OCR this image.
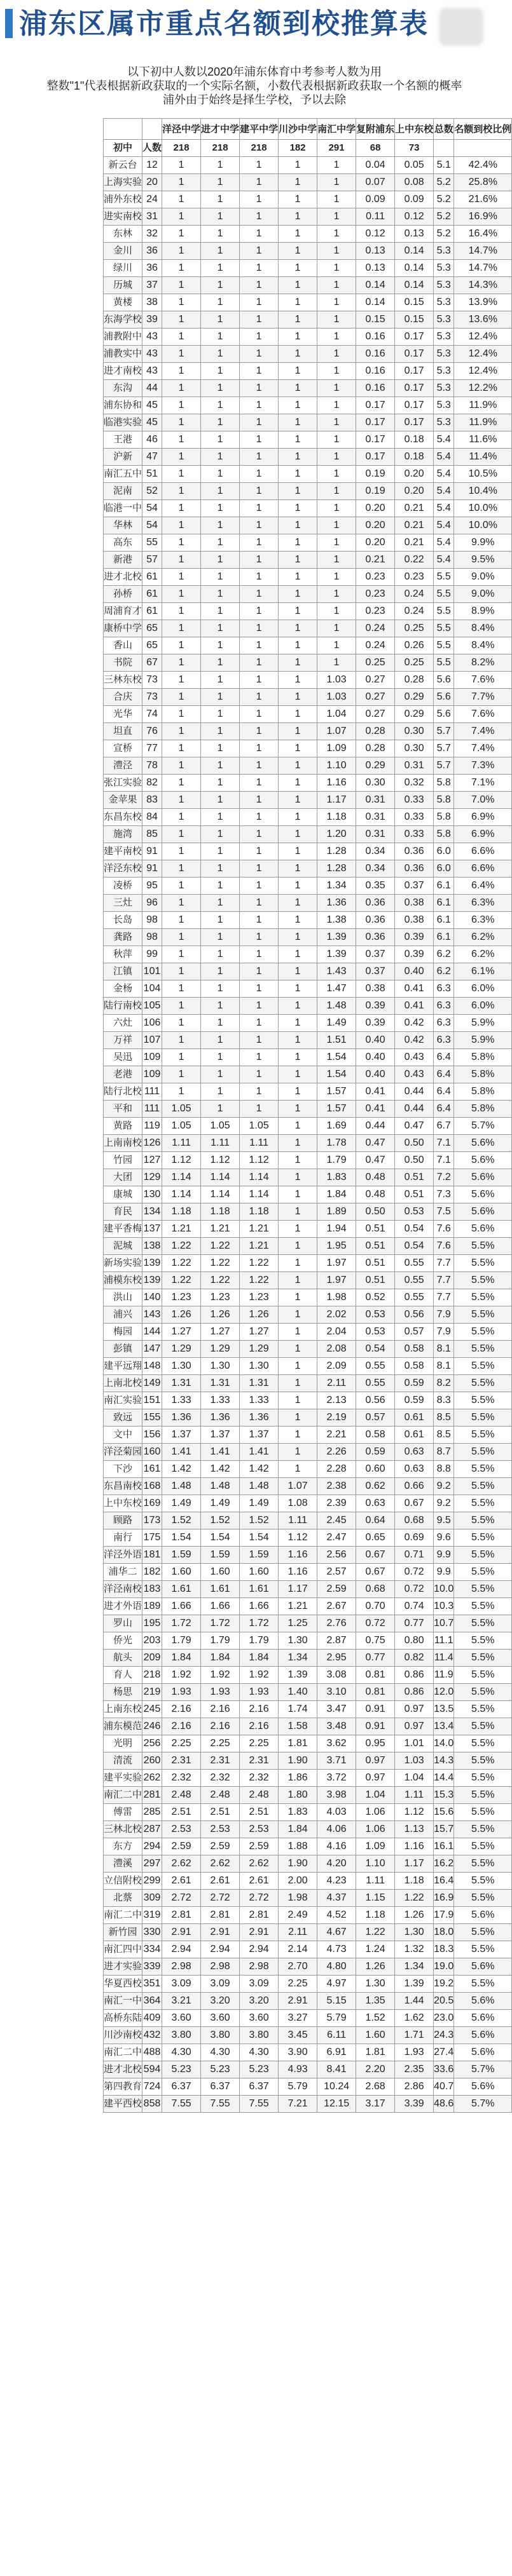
浦东区属市重点名额到校推算表
以下初中人数以2020年浦东体育中考参考人数为用
整数"1"代表根据新政获取的一个实际名额，小数代表根据新政获取一个名额的概率
浦外由于始终是择生学校，予以去除
		洋泾中学	进才中学	建平中学	川沙中学	南汇中学	复附浦东	上中东校	总数	名额到校比例
初中	人数	218	218	218	182	291	68	73		
新云台	12	1	1	1	1	1	0.04	0.05	5.1	42.4%
上海实验	20	1	1	1	1	1	0.07	0.08	5.2	25.8%
浦外东校	24	1	1	1	1	1	0.09	0.09	5.2	21.6%
进实南校	31	1	1	1	1	1	0.11	0.12	5.2	16.9%
东林	32	1	1	1	1	1	0.12	0.13	5.2	16.4%
金川	36	1	1	1	1	1	0.13	0.14	5.3	14.7%
绿川	36	1	1	1	1	1	0.13	0.14	5.3	14.7%
历城	37	1	1	1	1	1	0.14	0.14	5.3	14.3%
黄楼	38	1	1	1	1	1	0.14	0.15	5.3	13.9%
东海学校	39	1	1	1	1	1	0.15	0.15	5.3	13.6%
浦教附中	43	1	1	1	1	1	0.16	0.17	5.3	12.4%
浦教实中	43	1	1	1	1	1	0.16	0.17	5.3	12.4%
进才南校	43	1	1	1	1	1	0.16	0.17	5.3	12.4%
东沟	44	1	1	1	1	1	0.16	0.17	5.3	12.2%
浦东协和	45	1	1	1	1	1	0.17	0.17	5.3	11.9%
临港实验	45	1	1	1	1	1	0.17	0.17	5.3	11.9%
王港	46	1	1	1	1	1	0.17	0.18	5.4	11.6%
沪新	47	1	1	1	1	1	0.17	0.18	5.4	11.4%
南汇五中	51	1	1	1	1	1	0.19	0.20	5.4	10.5%
泥南	52	1	1	1	1	1	0.19	0.20	5.4	10.4%
临港一中	54	1	1	1	1	1	0.20	0.21	5.4	10.0%
华林	54	1	1	1	1	1	0.20	0.21	5.4	10.0%
高东	55	1	1	1	1	1	0.20	0.21	5.4	9.9%
新港	57	1	1	1	1	1	0.21	0.22	5.4	9.5%
进才北校	61	1	1	1	1	1	0.23	0.23	5.5	9.0%
孙桥	61	1	1	1	1	1	0.23	0.24	5.5	9.0%
周浦育才	61	1	1	1	1	1	0.23	0.24	5.5	8.9%
康桥中学	65	1	1	1	1	1	0.24	0.25	5.5	8.4%
香山	65	1	1	1	1	1	0.24	0.26	5.5	8.4%
书院	67	1	1	1	1	1	0.25	0.25	5.5	8.2%
三林东校	73	1	1	1	1	1.03	0.27	0.28	5.6	7.6%
合庆	73	1	1	1	1	1.03	0.27	0.29	5.6	7.7%
光华	74	1	1	1	1	1.04	0.27	0.29	5.6	7.6%
坦直	76	1	1	1	1	1.07	0.28	0.30	5.7	7.4%
宣桥	77	1	1	1	1	1.09	0.28	0.30	5.7	7.4%
澧泾	78	1	1	1	1	1.10	0.29	0.31	5.7	7.3%
张江实验	82	1	1	1	1	1.16	0.30	0.32	5.8	7.1%
金苹果	83	1	1	1	1	1.17	0.31	0.33	5.8	7.0%
东昌东校	84	1	1	1	1	1.18	0.31	0.33	5.8	6.9%
施湾	85	1	1	1	1	1.20	0.31	0.33	5.8	6.9%
建平南校	91	1	1	1	1	1.28	0.34	0.36	6.0	6.6%
洋泾东校	91	1	1	1	1	1.28	0.34	0.36	6.0	6.6%
凌桥	95	1	1	1	1	1.34	0.35	0.37	6.1	6.4%
三灶	96	1	1	1	1	1.36	0.36	0.38	6.1	6.3%
长岛	98	1	1	1	1	1.38	0.36	0.38	6.1	6.3%
龚路	98	1	1	1	1	1.39	0.36	0.39	6.1	6.2%
秋萍	99	1	1	1	1	1.39	0.37	0.39	6.2	6.2%
江镇	101	1	1	1	1	1.43	0.37	0.40	6.2	6.1%
金杨	104	1	1	1	1	1.47	0.38	0.41	6.3	6.0%
陆行南校	105	1	1	1	1	1.48	0.39	0.41	6.3	6.0%
六灶	106	1	1	1	1	1.49	0.39	0.42	6.3	5.9%
万祥	107	1	1	1	1	1.51	0.40	0.42	6.3	5.9%
吴迅	109	1	1	1	1	1.54	0.40	0.43	6.4	5.8%
老港	109	1	1	1	1	1.54	0.40	0.43	6.4	5.8%
陆行北校	111	1	1	1	1	1.57	0.41	0.44	6.4	5.8%
平和	111	1.05	1	1	1	1.57	0.41	0.44	6.4	5.8%
黄路	119	1.05	1.05	1.05	1	1.69	0.44	0.47	6.7	5.7%
上南南校	126	1.11	1.11	1.11	1	1.78	0.47	0.50	7.1	5.6%
竹园	127	1.12	1.12	1.12	1	1.79	0.47	0.50	7.1	5.6%
大团	129	1.14	1.14	1.14	1	1.83	0.48	0.51	7.2	5.6%
康城	130	1.14	1.14	1.14	1	1.84	0.48	0.51	7.3	5.6%
育民	134	1.18	1.18	1.18	1	1.89	0.50	0.53	7.5	5.6%
建平香梅	137	1.21	1.21	1.21	1	1.94	0.51	0.54	7.6	5.6%
泥城	138	1.22	1.22	1.21	1	1.95	0.51	0.54	7.6	5.5%
新场实验	139	1.22	1.22	1.22	1	1.97	0.51	0.55	7.7	5.5%
浦模东校	139	1.22	1.22	1.22	1	1.97	0.51	0.55	7.7	5.5%
洪山	140	1.23	1.23	1.23	1	1.98	0.52	0.55	7.7	5.5%
浦兴	143	1.26	1.26	1.26	1	2.02	0.53	0.56	7.9	5.5%
梅园	144	1.27	1.27	1.27	1	2.04	0.53	0.57	7.9	5.5%
彭镇	147	1.29	1.29	1.29	1	2.08	0.54	0.58	8.1	5.5%
建平远翔	148	1.30	1.30	1.30	1	2.09	0.55	0.58	8.1	5.5%
上南北校	149	1.31	1.31	1.31	1	2.11	0.55	0.59	8.2	5.5%
南汇实验	151	1.33	1.33	1.33	1	2.13	0.56	0.59	8.3	5.5%
致远	155	1.36	1.36	1.36	1	2.19	0.57	0.61	8.5	5.5%
文中	156	1.37	1.37	1.37	1	2.21	0.58	0.61	8.5	5.5%
洋泾菊园	160	1.41	1.41	1.41	1	2.26	0.59	0.63	8.7	5.5%
下沙	161	1.42	1.42	1.42	1	2.28	0.60	0.63	8.8	5.5%
东昌南校	168	1.48	1.48	1.48	1.07	2.38	0.62	0.66	9.2	5.5%
上中东校	169	1.49	1.49	1.49	1.08	2.39	0.63	0.67	9.2	5.5%
顾路	173	1.52	1.52	1.52	1.11	2.45	0.64	0.68	9.5	5.5%
南行	175	1.54	1.54	1.54	1.12	2.47	0.65	0.69	9.6	5.5%
洋泾外语	181	1.59	1.59	1.59	1.16	2.56	0.67	0.71	9.9	5.5%
浦华二	182	1.60	1.60	1.60	1.16	2.57	0.67	0.72	9.9	5.5%
洋泾南校	183	1.61	1.61	1.61	1.17	2.59	0.68	0.72	10.0	5.5%
进才外语	189	1.66	1.66	1.66	1.21	2.67	0.70	0.74	10.3	5.5%
罗山	195	1.72	1.72	1.72	1.25	2.76	0.72	0.77	10.7	5.5%
侨光	203	1.79	1.79	1.79	1.30	2.87	0.75	0.80	11.1	5.5%
航头	209	1.84	1.84	1.84	1.34	2.95	0.77	0.82	11.4	5.5%
育人	218	1.92	1.92	1.92	1.39	3.08	0.81	0.86	11.9	5.5%
杨思	219	1.93	1.93	1.93	1.40	3.10	0.81	0.86	12.0	5.5%
上南东校	245	2.16	2.16	2.16	1.74	3.47	0.91	0.97	13.5	5.5%
浦东模范	246	2.16	2.16	2.16	1.58	3.48	0.91	0.97	13.4	5.5%
光明	256	2.25	2.25	2.25	1.81	3.62	0.95	1.01	14.0	5.5%
清流	260	2.31	2.31	2.31	1.90	3.71	0.97	1.03	14.3	5.5%
建平实验	262	2.32	2.32	2.32	1.86	3.72	0.97	1.04	14.4	5.5%
南汇二中	281	2.48	2.48	2.48	1.80	3.98	1.04	1.11	15.3	5.5%
傅雷	285	2.51	2.51	2.51	1.83	4.03	1.06	1.12	15.6	5.5%
三林北校	287	2.53	2.53	2.53	1.84	4.06	1.06	1.13	15.7	5.5%
东方	294	2.59	2.59	2.59	1.88	4.16	1.09	1.16	16.1	5.5%
澧溪	297	2.62	2.62	2.62	1.90	4.20	1.10	1.17	16.2	5.5%
立信附校	299	2.61	2.61	2.61	2.00	4.23	1.11	1.18	16.4	5.5%
北蔡	309	2.72	2.72	2.72	1.98	4.37	1.15	1.22	16.9	5.5%
南汇二中	319	2.81	2.81	2.81	2.49	4.52	1.18	1.26	17.9	5.6%
新竹园	330	2.91	2.91	2.91	2.11	4.67	1.22	1.30	18.0	5.5%
南汇四中	334	2.94	2.94	2.94	2.14	4.73	1.24	1.32	18.3	5.5%
进才实验	339	2.98	2.98	2.98	2.70	4.80	1.26	1.34	19.0	5.6%
华夏西校	351	3.09	3.09	3.09	2.25	4.97	1.30	1.39	19.2	5.5%
南汇一中	364	3.21	3.20	3.20	2.91	5.15	1.35	1.44	20.5	5.6%
高桥东陆	409	3.60	3.60	3.60	3.27	5.79	1.52	1.62	23.0	5.6%
川沙南校	432	3.80	3.80	3.80	3.45	6.11	1.60	1.71	24.3	5.6%
南汇二中	488	4.30	4.30	4.30	3.90	6.91	1.81	1.93	27.4	5.6%
进才北校	594	5.23	5.23	5.23	4.93	8.41	2.20	2.35	33.6	5.7%
第四教育	724	6.37	6.37	6.37	5.79	10.24	2.68	2.86	40.7	5.6%
建平西校	858	7.55	7.55	7.55	7.21	12.15	3.17	3.39	48.6	5.7%
